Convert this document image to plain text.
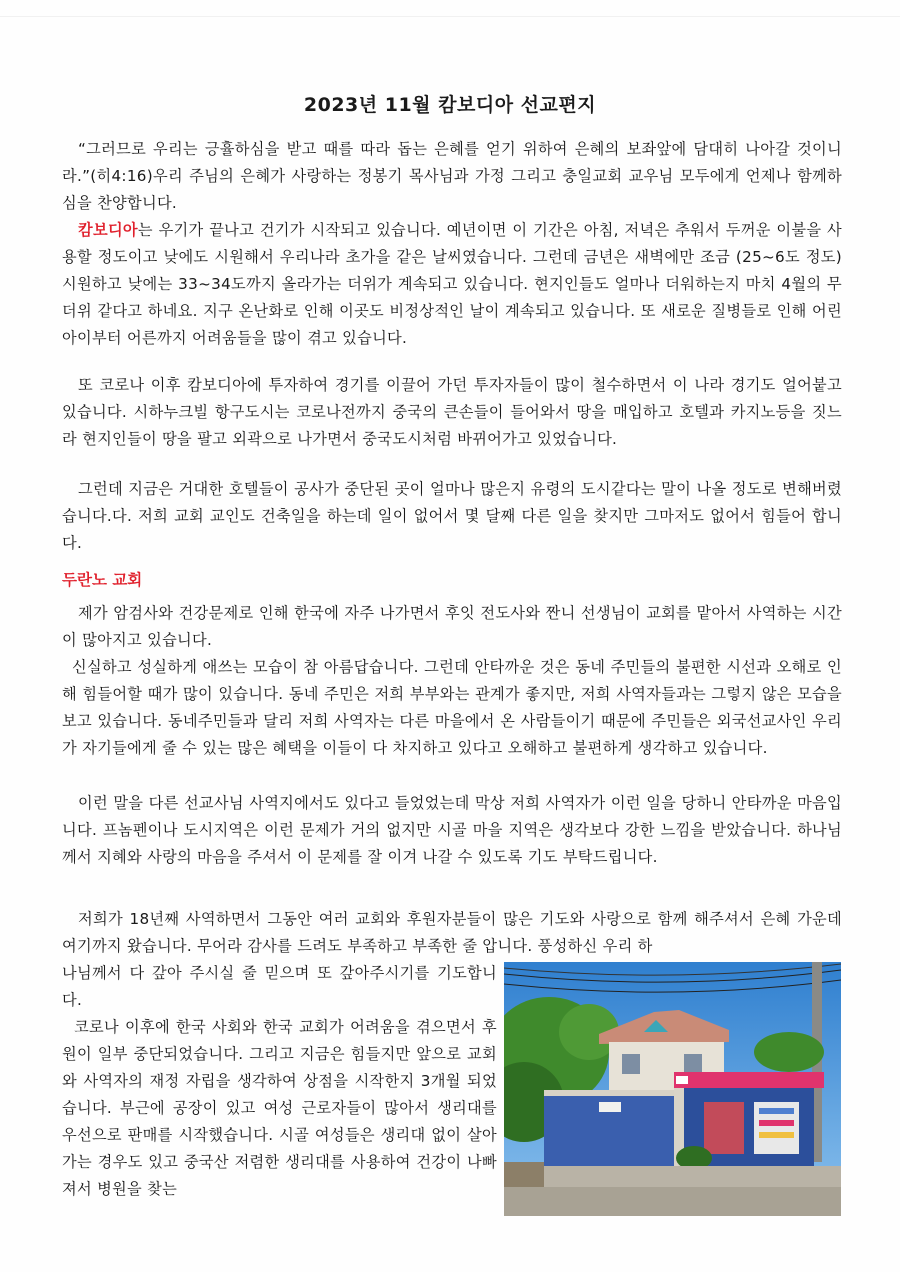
2023년 11월 캄보디아 선교편지
“그러므로 우리는 긍휼하심을 받고 때를 따라 돕는 은혜를 얻기 위하여 은혜의 보좌앞에 담대히 나아갈 것이니라.”(히4:16)우리 주님의 은혜가 사랑하는 정봉기 목사님과 가정 그리고 충일교회 교우님 모두에게 언제나 함께하심을 찬양합니다.
캄보디아는 우기가 끝나고 건기가 시작되고 있습니다. 예년이면 이 기간은 아침, 저녁은 추워서 두꺼운 이불을 사용할 정도이고 낮에도 시원해서 우리나라 초가을 같은 날씨였습니다. 그런데 금년은 새벽에만 조금 (25~6도 정도) 시원하고 낮에는 33~34도까지 올라가는 더위가 계속되고 있습니다. 현지인들도 얼마나 더워하는지 마치 4월의 무더위 같다고 하네요. 지구 온난화로 인해 이곳도 비정상적인 날이 계속되고 있습니다. 또 새로운 질병들로 인해 어린아이부터 어른까지 어려움들을 많이 겪고 있습니다.
또 코로나 이후 캄보디아에 투자하여 경기를 이끌어 가던 투자자들이 많이 철수하면서 이 나라 경기도 얼어붙고 있습니다. 시하누크빌 항구도시는 코로나전까지 중국의 큰손들이 들어와서 땅을 매입하고 호텔과 카지노등을 짓느라 현지인들이 땅을 팔고 외곽으로 나가면서 중국도시처럼 바뀌어가고 있었습니다.
그런데 지금은 거대한 호텔들이 공사가 중단된 곳이 얼마나 많은지 유령의 도시같다는 말이 나올 정도로 변해버렸습니다.다. 저희 교회 교인도 건축일을 하는데 일이 없어서 몇 달째 다른 일을 찾지만 그마저도 없어서 힘들어 합니다.
두란노 교회
제가 암검사와 건강문제로 인해 한국에 자주 나가면서 후잇 전도사와 짠니 선생님이 교회를 맡아서 사역하는 시간이 많아지고 있습니다.
신실하고 성실하게 애쓰는 모습이 참 아름답습니다. 그런데 안타까운 것은 동네 주민들의 불편한 시선과 오해로 인해 힘들어할 때가 많이 있습니다. 동네 주민은 저희 부부와는 관계가 좋지만, 저희 사역자들과는 그렇지 않은 모습을 보고 있습니다. 동네주민들과 달리 저희 사역자는 다른 마을에서 온 사람들이기 때문에 주민들은 외국선교사인 우리가 자기들에게 줄 수 있는 많은 혜택을 이들이 다 차지하고 있다고 오해하고 불편하게 생각하고 있습니다.
이런 말을 다른 선교사님 사역지에서도 있다고 들었었는데 막상 저희 사역자가 이런 일을 당하니 안타까운 마음입니다. 프놈펜이나 도시지역은 이런 문제가 거의 없지만 시골 마을 지역은 생각보다 강한 느낌을 받았습니다. 하나님께서 지혜와 사랑의 마음을 주셔서 이 문제를 잘 이겨 나갈 수 있도록 기도 부탁드립니다.
저희가 18년째 사역하면서 그동안 여러 교회와 후원자분들이 많은 기도와 사랑으로 함께 해주셔서 은혜 가운데 여기까지 왔습니다. 무어라 감사를 드려도 부족하고 부족한 줄 압니다. 풍성하신 우리 하
나님께서 다 갚아 주시실 줄 믿으며 또 갚아주시기를 기도합니다.
코로나 이후에 한국 사회와 한국 교회가 어려움을 겪으면서 후원이 일부 중단되었습니다. 그리고 지금은 힘들지만 앞으로 교회와 사역자의 재정 자립을 생각하여 상점을 시작한지 3개월 되었습니다. 부근에 공장이 있고 여성 근로자들이 많아서 생리대를 우선으로 판매를 시작했습니다. 시골 여성들은 생리대 없이 살아가는 경우도 있고 중국산 저렴한 생리대를 사용하여 건강이 나빠져서 병원을 찾는
